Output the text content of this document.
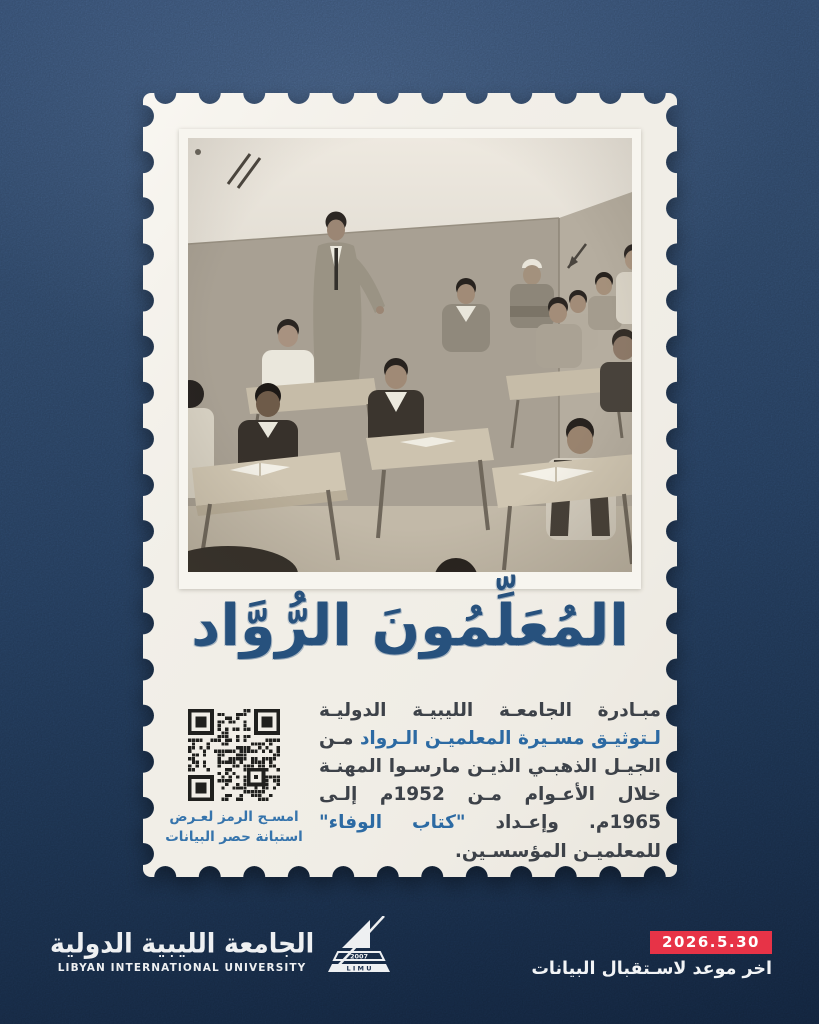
المُعَلِّمُونَ الرُّوَّاد

مبـادرة الجامعـة الليبيـة الدوليـة لـتوثيـق مسـيرة المعلميـن الـرواد مـن الجيـل الذهبـي الذيـن مارسـوا المهنـة خلال الأعـوام مـن 1952م إلـى 1965م. وإعـداد "كتاب الوفاء" للمعلميـن المؤسسـين.

امسـح الرمز لعـرض
استبانة حصر البيانات
الجامعة الليبية الدولية
LIBYAN INTERNATIONAL UNIVERSITY
2007
L I M U
2026.5.30
اخر موعد لاسـتقبال البيانات
